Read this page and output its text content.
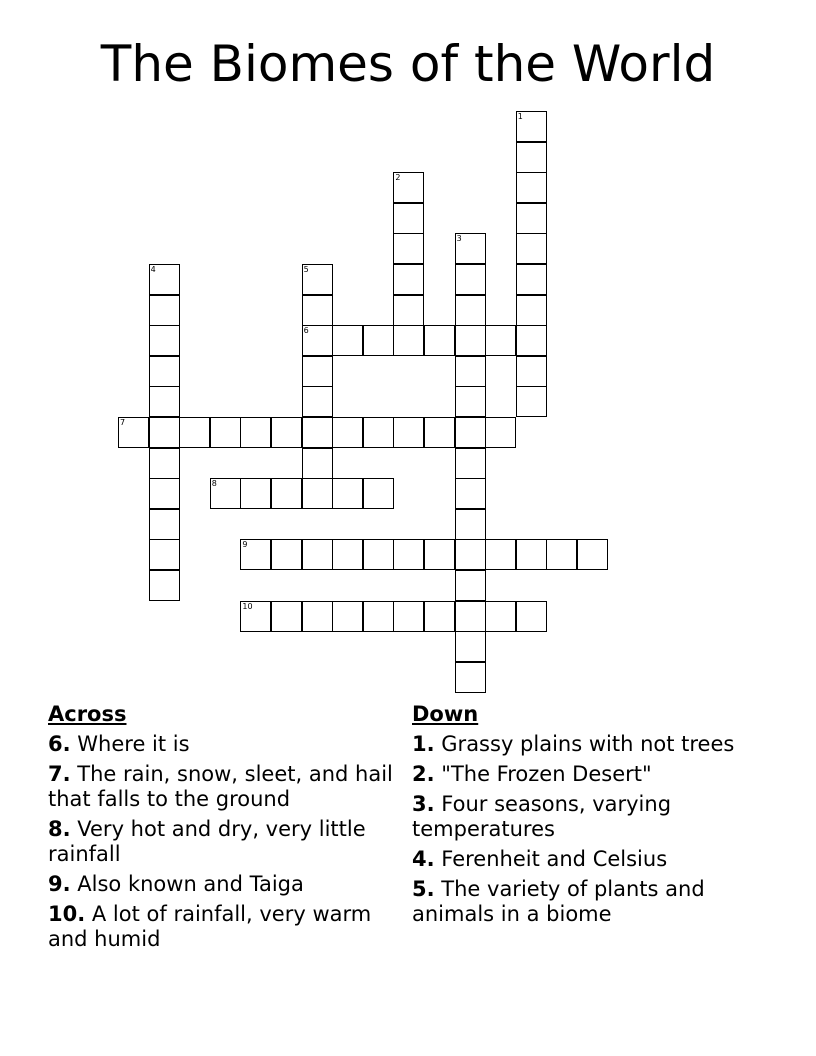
The Biomes of the World
1
2
3
4	5
6
7
8
9
10
Across
6. Where it is
7. The rain, snow, sleet, and hail that falls to the ground
8. Very hot and dry, very little rainfall
9. Also known and Taiga
10. A lot of rainfall, very warm and humid
Down
1. Grassy plains with not trees
2. "The Frozen Desert"
3. Four seasons, varying temperatures
4. Ferenheit and Celsius
5. The variety of plants and animals in a biome
